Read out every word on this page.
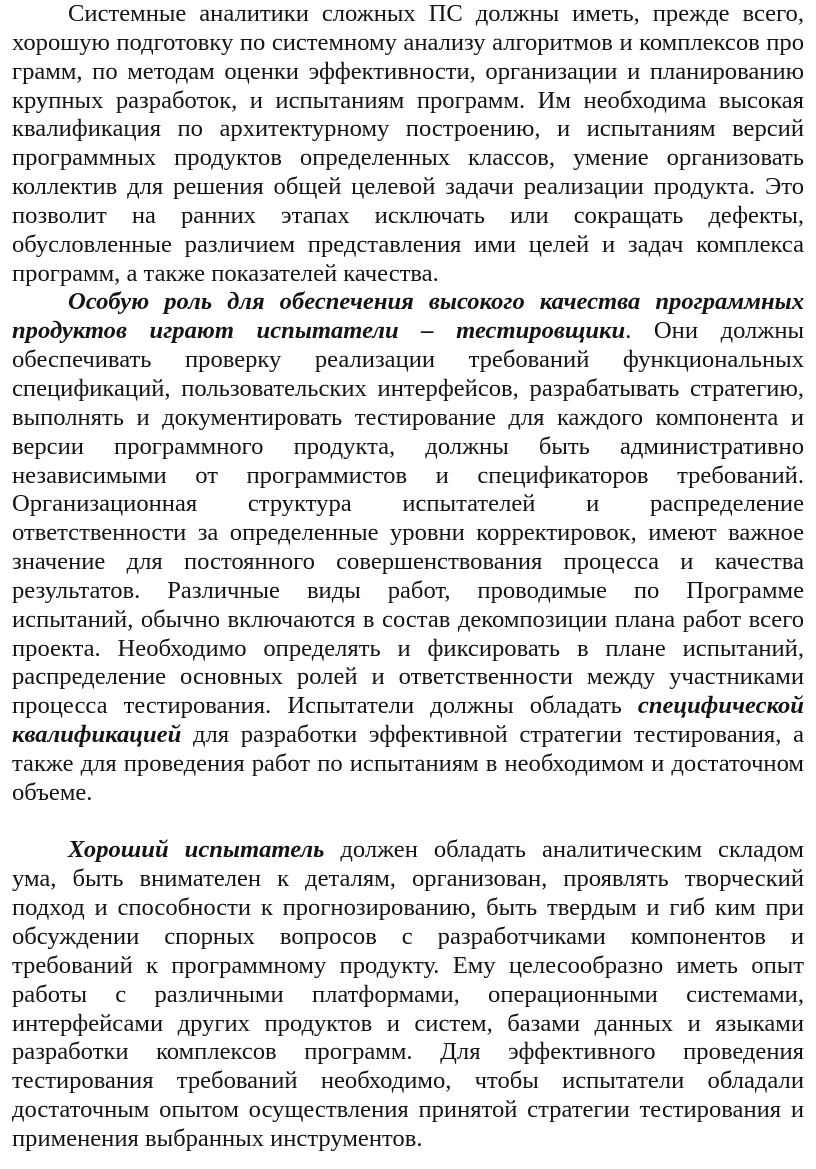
Системные аналитики сложных ПС должны иметь, прежде всего, хорошую подготовку по системному анализу алгоритмов и комплексов про грамм, по методам оценки эффективности, организации и планированию крупных разработок, и испытаниям программ. Им необходима высокая квалификация по архитектурному построению, и испытаниям версий программных продуктов определенных классов, умение организовать коллектив для решения общей целевой задачи реализации продукта. Это позволит на ранних этапах исключать или сокращать дефекты, обусловленные различием представления ими целей и задач комплекса программ, а также показателей качества.

Особую роль для обеспечения высокого качества программных продуктов играют испытатели – тестировщики. Они должны обеспечивать проверку реализации требований функциональных спецификаций, пользовательских интерфейсов, разрабатывать стратегию, выполнять и документировать тестирование для каждого компонента и версии программного продукта, должны быть административно независимыми от программистов и спецификаторов требований. Организационная структура испытателей и распределение ответственности за определенные уровни корректировок, имеют важное значение для постоянного совершенствования процесса и качества результатов. Различные виды работ, проводимые по Программе испытаний, обычно включаются в состав декомпозиции плана работ всего проекта. Необходимо определять и фиксировать в плане испытаний, распределение основных ролей и ответственности между участниками процесса тестирования. Испытатели должны обладать специфической квалификацией для разработки эффективной стратегии тестирования, а также для проведения работ по испытаниям в необходимом и достаточном объеме.

Хороший испытатель должен обладать аналитическим складом ума, быть внимателен к деталям, организован, проявлять творческий подход и способности к прогнозированию, быть твердым и гиб ким при обсуждении спорных вопросов с разработчиками компонентов и требований к программному продукту. Ему целесообразно иметь опыт работы с различными платформами, операционными системами, интерфейсами других продуктов и систем, базами данных и языками разработки комплексов программ. Для эффективного проведения тестирования требований необходимо, чтобы испытатели обладали достаточным опытом осуществления принятой стратегии тестирования и применения выбранных инструментов.
